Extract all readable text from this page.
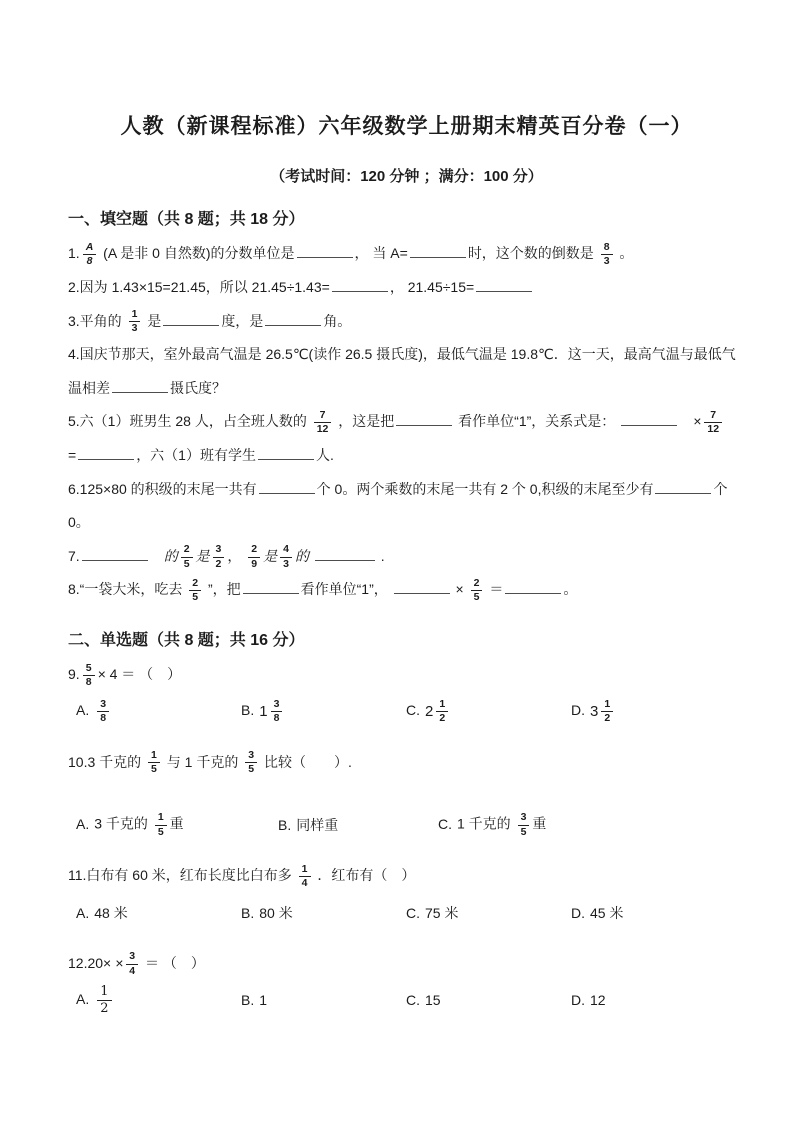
人教（新课程标准）六年级数学上册期末精英百分卷（一）
（考试时间：120 分钟 ；满分：100 分）
一、填空题（共 8 题；共 18 分）
1. $\frac{A}{8} (A$ 是非 0 自然数)的分数单位是	， 当 A=	时，这个数的倒数是 $\frac{8}{3}$ 。
2.因为 1.43×15=21.45，所以 21.45÷1.43=	， 21.45÷15=
3.平角的 $\frac{1}{3}$ 是	度，是	角。
4.国庆节那天，室外最高气温是 26.5℃(读作 26.5 摄氏度)，最低气温是 19.8℃．这一天，最高气温与最低气
温相差	摄氏度？
5.六（1）班男生 28 人，占全班人数的 $\frac{7}{12}$ ，这是把	看作单位“1”，关系式是： 　	× $\frac{7}{12}$

=	，六（1）班有学生	人.
6.125×80 的积级的末尾一共有	个 0。两个乘数的末尾一共有 2 个 0,积级的末尾至少有	个 0。
7.　	的 $\frac{2}{5}$ 是 $\frac{3}{2}$ ， $\frac{2}{9}$ 是 $\frac{4}{3}$ 的	.
8.“一袋大米，吃去 $\frac{2}{5}$ ”，把	看作单位“1”，	× $\frac{2}{5}$ ＝	。
二、单选题（共 8 题；共 16 分）
9. $\frac{5}{8} \times 4$ ＝ （　）
A. $\frac{3}{8}$	B. $1 \frac{3}{8}$	C. $2 \frac{1}{2}$	D. $3 \frac{1}{2}$
10.3 千克的 $\frac{1}{5}$ 与 1 千克的 $\frac{3}{5}$ 比较（　　）.
A. 3 千克的 $\frac{1}{5}$ 重	B. 同样重	C. 1 千克的 $\frac{3}{5}$ 重
11.白布有 60 米，红布长度比白布多 $\frac{1}{4}$ ．红布有（　）
A. 48 米	B. 80 米	C. 75 米	D. 45 米
$12.20\times \times \frac{3}{4}$ ＝ （　）
A. $\frac{1}{2}$	B. 1	C. 15	D. 12
